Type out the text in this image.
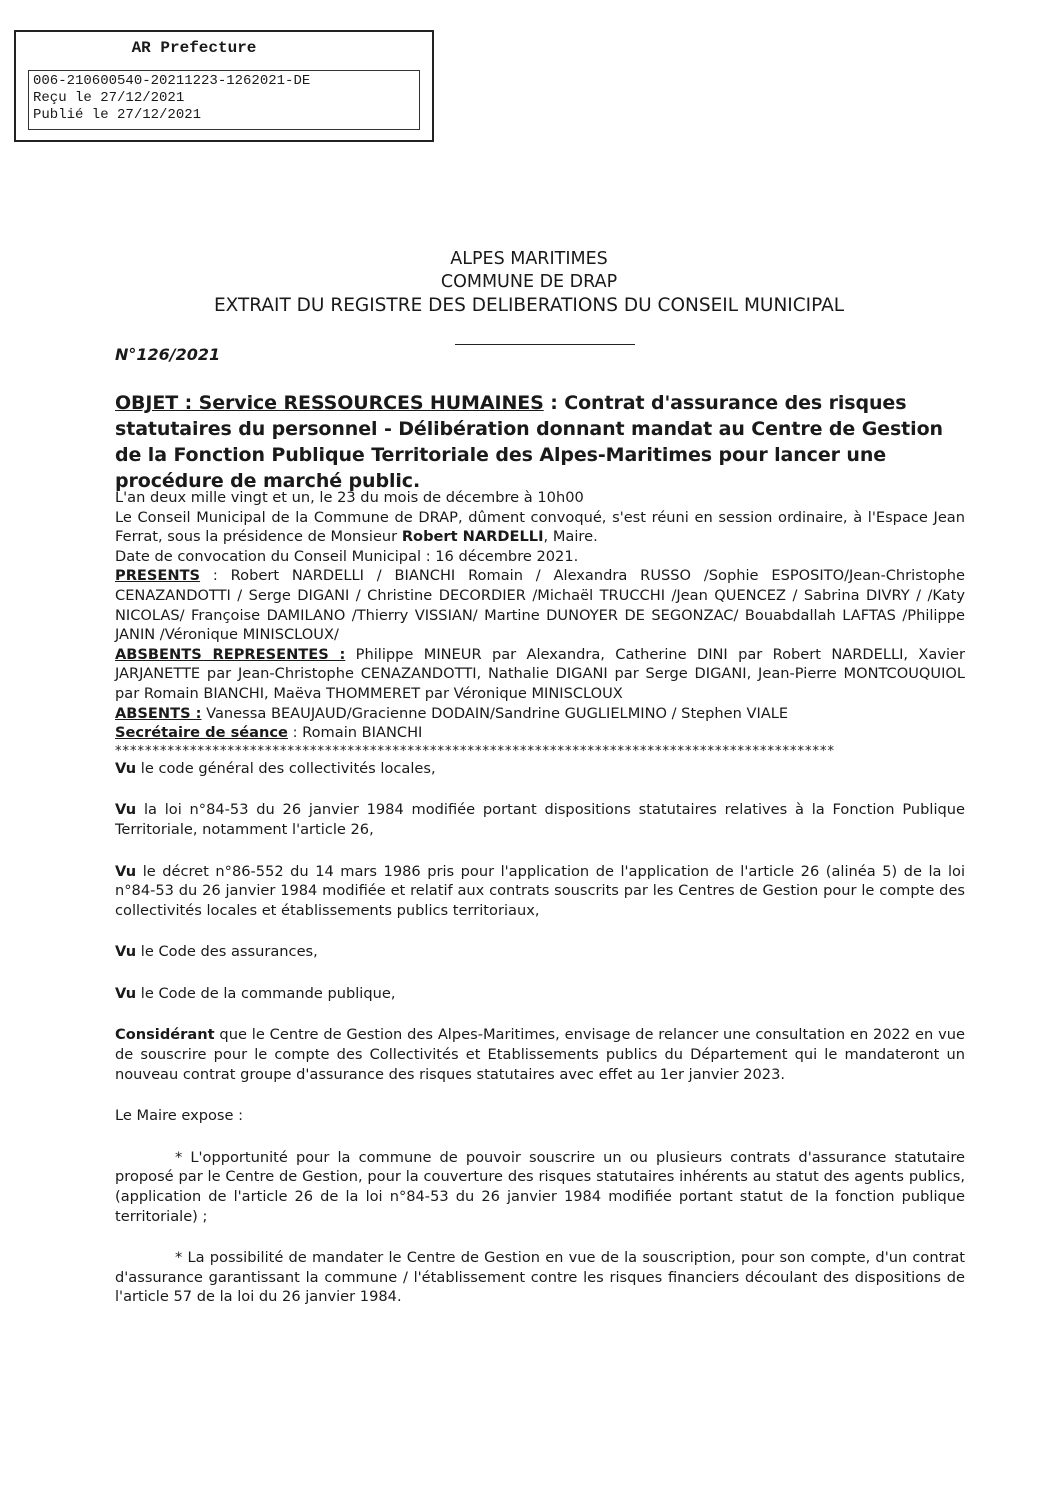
AR Prefecture
006-210600540-20211223-1262021-DE
Reçu le 27/12/2021
Publié le 27/12/2021
ALPES MARITIMES
COMMUNE DE DRAP
EXTRAIT DU REGISTRE DES DELIBERATIONS DU CONSEIL MUNICIPAL
N°126/2021
OBJET : Service RESSOURCES HUMAINES : Contrat d'assurance des risques statutaires du personnel - Délibération donnant mandat au Centre de Gestion de la Fonction Publique Territoriale des Alpes-Maritimes pour lancer une procédure de marché public.

L'an deux mille vingt et un, le 23 du mois de décembre à 10h00

Le Conseil Municipal de la Commune de DRAP, dûment convoqué, s'est réuni en session ordinaire, à l'Espace Jean Ferrat, sous la présidence de Monsieur Robert NARDELLI, Maire.

Date de convocation du Conseil Municipal : 16 décembre 2021.

PRESENTS : Robert NARDELLI / BIANCHI Romain / Alexandra RUSSO /Sophie ESPOSITO/Jean-Christophe CENAZANDOTTI / Serge DIGANI / Christine DECORDIER /Michaël TRUCCHI /Jean QUENCEZ / Sabrina DIVRY / /Katy NICOLAS/ Françoise DAMILANO /Thierry VISSIAN/ Martine DUNOYER DE SEGONZAC/ Bouabdallah LAFTAS /Philippe JANIN /Véronique MINISCLOUX/

ABSBENTS REPRESENTES : Philippe MINEUR par Alexandra, Catherine DINI par Robert NARDELLI, Xavier JARJANETTE par Jean-Christophe CENAZANDOTTI, Nathalie DIGANI par Serge DIGANI, Jean-Pierre MONTCOUQUIOL par Romain BIANCHI, Maëva THOMMERET par Véronique MINISCLOUX

ABSENTS : Vanessa BEAUJAUD/Gracienne DODAIN/Sandrine GUGLIELMINO / Stephen VIALE

Secrétaire de séance : Romain BIANCHI

************************************************************************************************

Vu le code général des collectivités locales,

Vu la loi n°84-53 du 26 janvier 1984 modifiée portant dispositions statutaires relatives à la Fonction Publique Territoriale, notamment l'article 26,

Vu le décret n°86-552 du 14 mars 1986 pris pour l'application de l'application de l'article 26 (alinéa 5) de la loi n°84-53 du 26 janvier 1984 modifiée et relatif aux contrats souscrits par les Centres de Gestion pour le compte des collectivités locales et établissements publics territoriaux,

Vu le Code des assurances,

Vu le Code de la commande publique,

Considérant que le Centre de Gestion des Alpes-Maritimes, envisage de relancer une consultation en 2022 en vue de souscrire pour le compte des Collectivités et Etablissements publics du Département qui le mandateront un nouveau contrat groupe d'assurance des risques statutaires avec effet au 1er janvier 2023.

Le Maire expose :

* L'opportunité pour la commune de pouvoir souscrire un ou plusieurs contrats d'assurance statutaire proposé par le Centre de Gestion, pour la couverture des risques statutaires inhérents au statut des agents publics, (application de l'article 26 de la loi n°84-53 du 26 janvier 1984 modifiée portant statut de la fonction publique territoriale) ;

* La possibilité de mandater le Centre de Gestion en vue de la souscription, pour son compte, d'un contrat d'assurance garantissant la commune / l'établissement contre les risques financiers découlant des dispositions de l'article 57 de la loi du 26 janvier 1984.
